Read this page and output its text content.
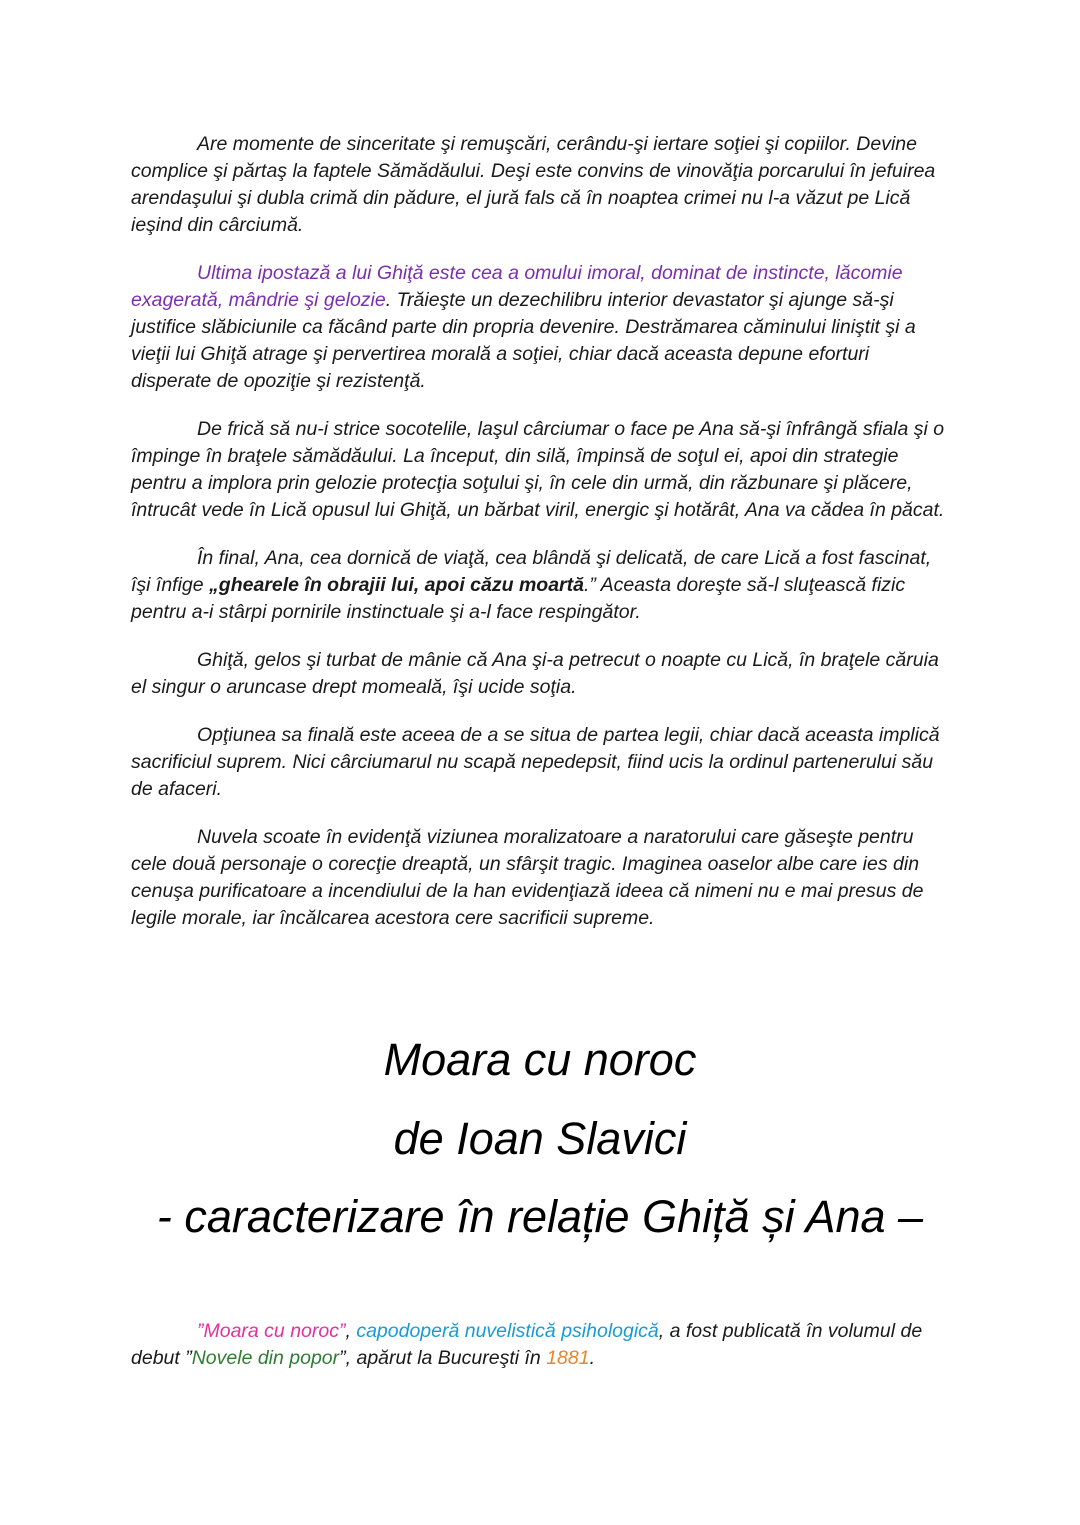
Are momente de sinceritate şi remuşcări, cerându-şi iertare soţiei şi copiilor. Devine complice şi părtaş la faptele Sămădăului. Deşi este convins de vinovăţia porcarului în jefuirea arendaşului şi dubla crimă din pădure, el jură fals că în noaptea crimei nu l-a văzut pe Lică ieşind din cârciumă.

Ultima ipostază a lui Ghiţă este cea a omului imoral, dominat de instincte, lăcomie exagerată, mândrie şi gelozie. Trăieşte un dezechilibru interior devastator şi ajunge să-şi justifice slăbiciunile ca făcând parte din propria devenire. Destrămarea căminului liniştit şi a vieţii lui Ghiţă atrage şi pervertirea morală a soţiei, chiar dacă aceasta depune eforturi disperate de opoziţie şi rezistenţă.

De frică să nu-i strice socotelile, laşul cârciumar o face pe Ana să-şi înfrângă sfiala şi o împinge în braţele sămădăului. La început, din silă, împinsă de soţul ei, apoi din strategie pentru a implora prin gelozie protecţia soţului şi, în cele din urmă, din răzbunare şi plăcere, întrucât vede în Lică opusul lui Ghiţă, un bărbat viril, energic şi hotărât, Ana va cădea în păcat.

În final, Ana, cea dornică de viaţă, cea blândă şi delicată, de care Lică a fost fascinat, îşi înfige „ghearele în obrajii lui, apoi căzu moartă.” Aceasta doreşte să-l sluţească fizic pentru a-i stârpi pornirile instinctuale şi a-l face respingător.

Ghiţă, gelos şi turbat de mânie că Ana şi-a petrecut o noapte cu Lică, în braţele căruia el singur o aruncase drept momeală, îşi ucide soţia.

Opţiunea sa finală este aceea de a se situa de partea legii, chiar dacă aceasta implică sacrificiul suprem. Nici cârciumarul nu scapă nepedepsit, fiind ucis la ordinul partenerului său de afaceri.

Nuvela scoate în evidenţă viziunea moralizatoare a naratorului care găseşte pentru cele două personaje o corecţie dreaptă, un sfârşit tragic. Imaginea oaselor albe care ies din cenuşa purificatoare a incendiului de la han evidenţiază ideea că nimeni nu e mai presus de legile morale, iar încălcarea acestora cere sacrificii supreme.

Moara cu noroc
de Ioan Slavici
- caracterizare în relație Ghiță și Ana –

”Moara cu noroc”, capodoperă nuvelistică psihologică, a fost publicată în volumul de debut ”Novele din popor”, apărut la Bucureşti în 1881.
